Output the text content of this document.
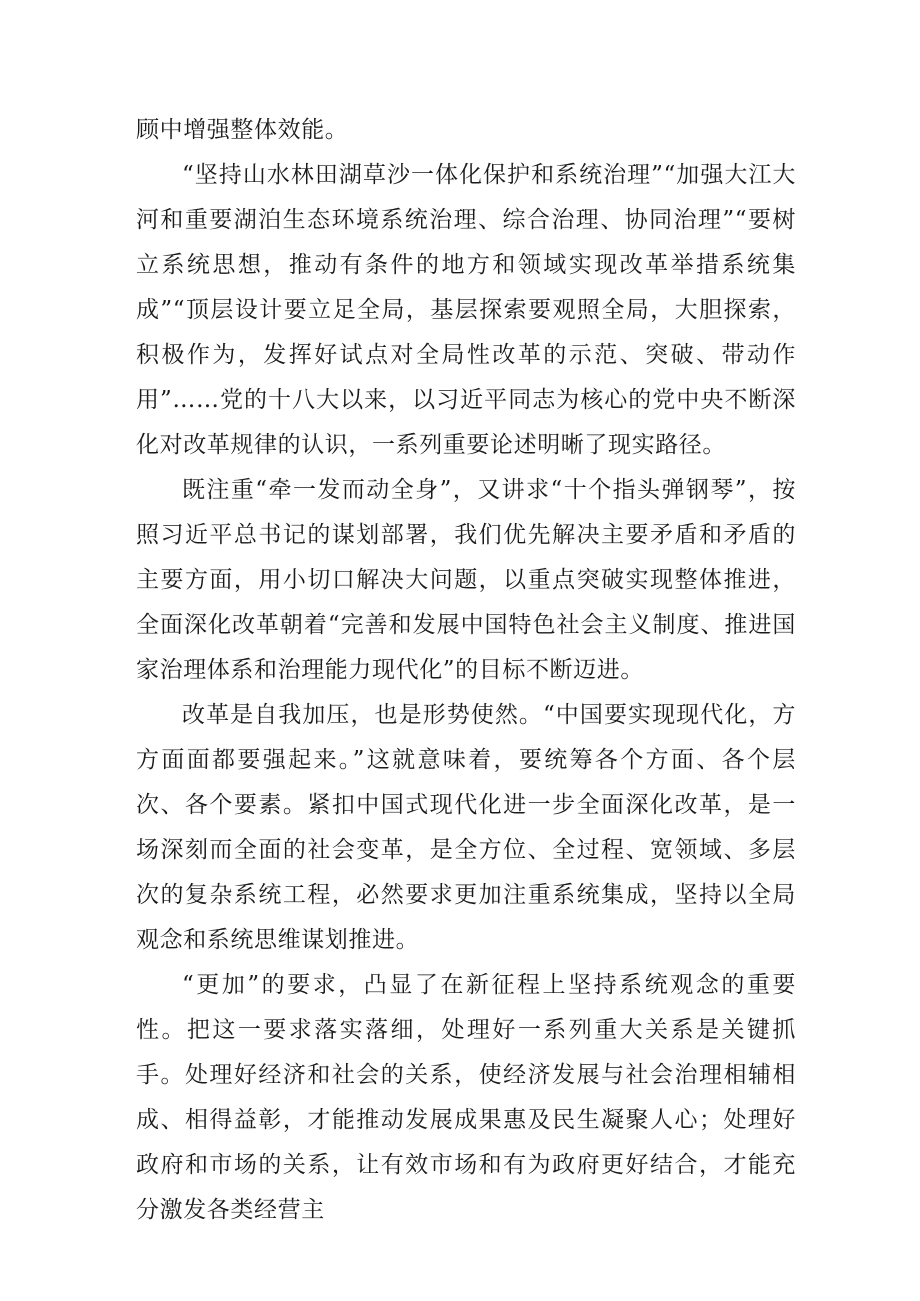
顾中增强整体效能。

“坚持山水林田湖草沙一体化保护和系统治理”“加强大江大河和重要湖泊生态环境系统治理、综合治理、协同治理”“要树立系统思想，推动有条件的地方和领域实现改革举措系统集成”“顶层设计要立足全局，基层探索要观照全局，大胆探索，积极作为，发挥好试点对全局性改革的示范、突破、带动作用”……党的十八大以来，以习近平同志为核心的党中央不断深化对改革规律的认识，一系列重要论述明晰了现实路径。

既注重“牵一发而动全身”，又讲求“十个指头弹钢琴”，按照习近平总书记的谋划部署，我们优先解决主要矛盾和矛盾的主要方面，用小切口解决大问题，以重点突破实现整体推进，全面深化改革朝着“完善和发展中国特色社会主义制度、推进国家治理体系和治理能力现代化”的目标不断迈进。

改革是自我加压，也是形势使然。“中国要实现现代化，方方面面都要强起来。”这就意味着，要统筹各个方面、各个层次、各个要素。紧扣中国式现代化进一步全面深化改革，是一场深刻而全面的社会变革，是全方位、全过程、宽领域、多层次的复杂系统工程，必然要求更加注重系统集成，坚持以全局观念和系统思维谋划推进。

“更加”的要求，凸显了在新征程上坚持系统观念的重要性。把这一要求落实落细，处理好一系列重大关系是关键抓手。处理好经济和社会的关系，使经济发展与社会治理相辅相成、相得益彰，才能推动发展成果惠及民生凝聚人心；处理好政府和市场的关系，让有效市场和有为政府更好结合，才能充分激发各类经营主
